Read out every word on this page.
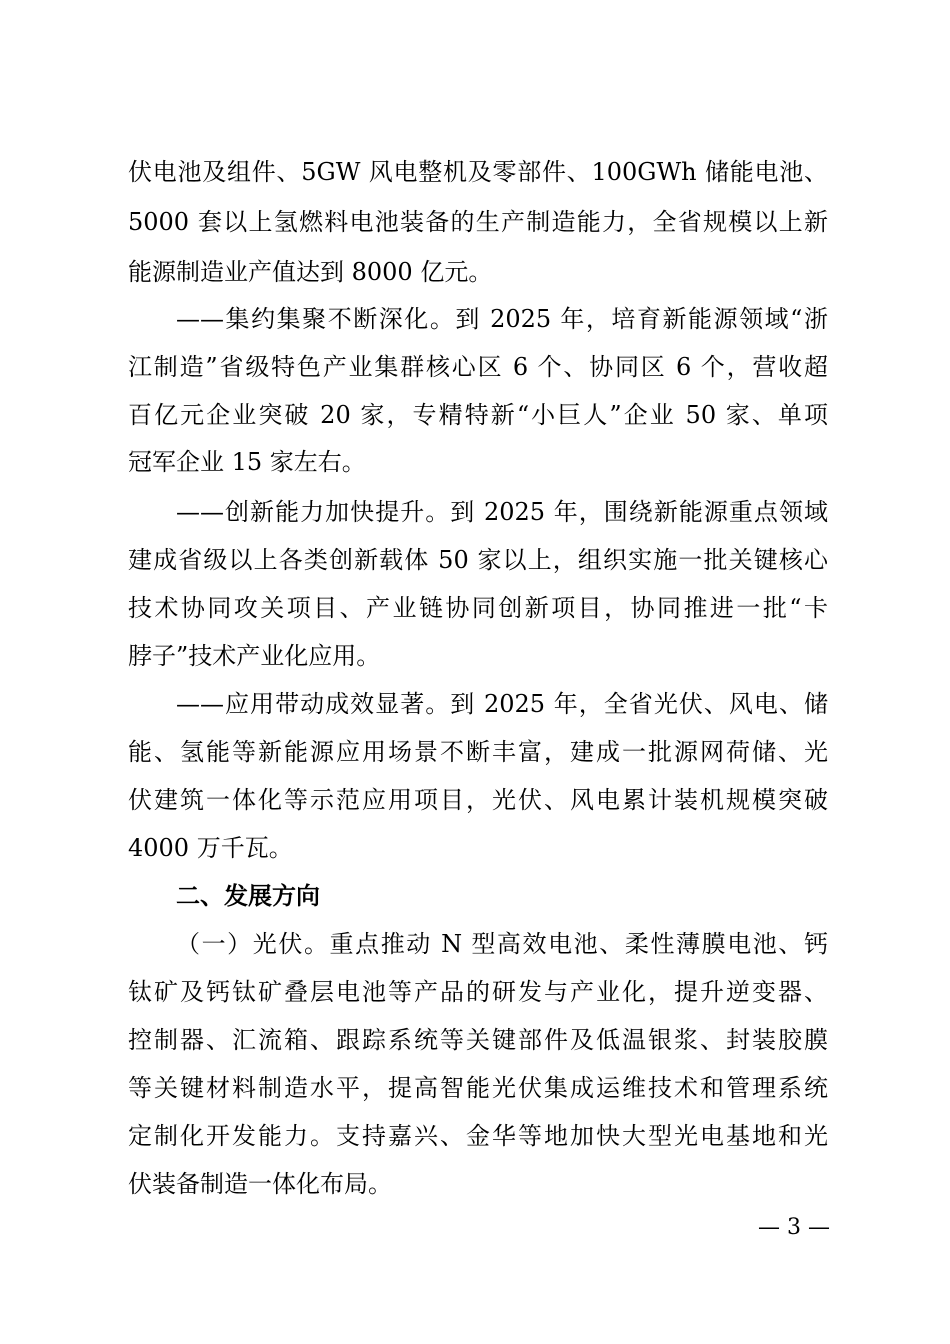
伏电池及组件、5GW 风电整机及零部件、100GWh 储能电池、
5000 套以上氢燃料电池装备的生产制造能力，全省规模以上新
能源制造业产值达到 8000 亿元。
——集约集聚不断深化。到 2025 年，培育新能源领域“浙
江制造”省级特色产业集群核心区 6 个、协同区 6 个，营收超
百亿元企业突破 20 家，专精特新“小巨人”企业 50 家、单项
冠军企业 15 家左右。
——创新能力加快提升。到 2025 年，围绕新能源重点领域
建成省级以上各类创新载体 50 家以上，组织实施一批关键核心
技术协同攻关项目、产业链协同创新项目，协同推进一批“卡
脖子”技术产业化应用。
——应用带动成效显著。到 2025 年，全省光伏、风电、储
能、氢能等新能源应用场景不断丰富，建成一批源网荷储、光
伏建筑一体化等示范应用项目，光伏、风电累计装机规模突破
4000 万千瓦。
二、发展方向
（一）光伏。重点推动 N 型高效电池、柔性薄膜电池、钙
钛矿及钙钛矿叠层电池等产品的研发与产业化，提升逆变器、
控制器、汇流箱、跟踪系统等关键部件及低温银浆、封装胶膜
等关键材料制造水平，提高智能光伏集成运维技术和管理系统
定制化开发能力。支持嘉兴、金华等地加快大型光电基地和光
伏装备制造一体化布局。
— 3 —
